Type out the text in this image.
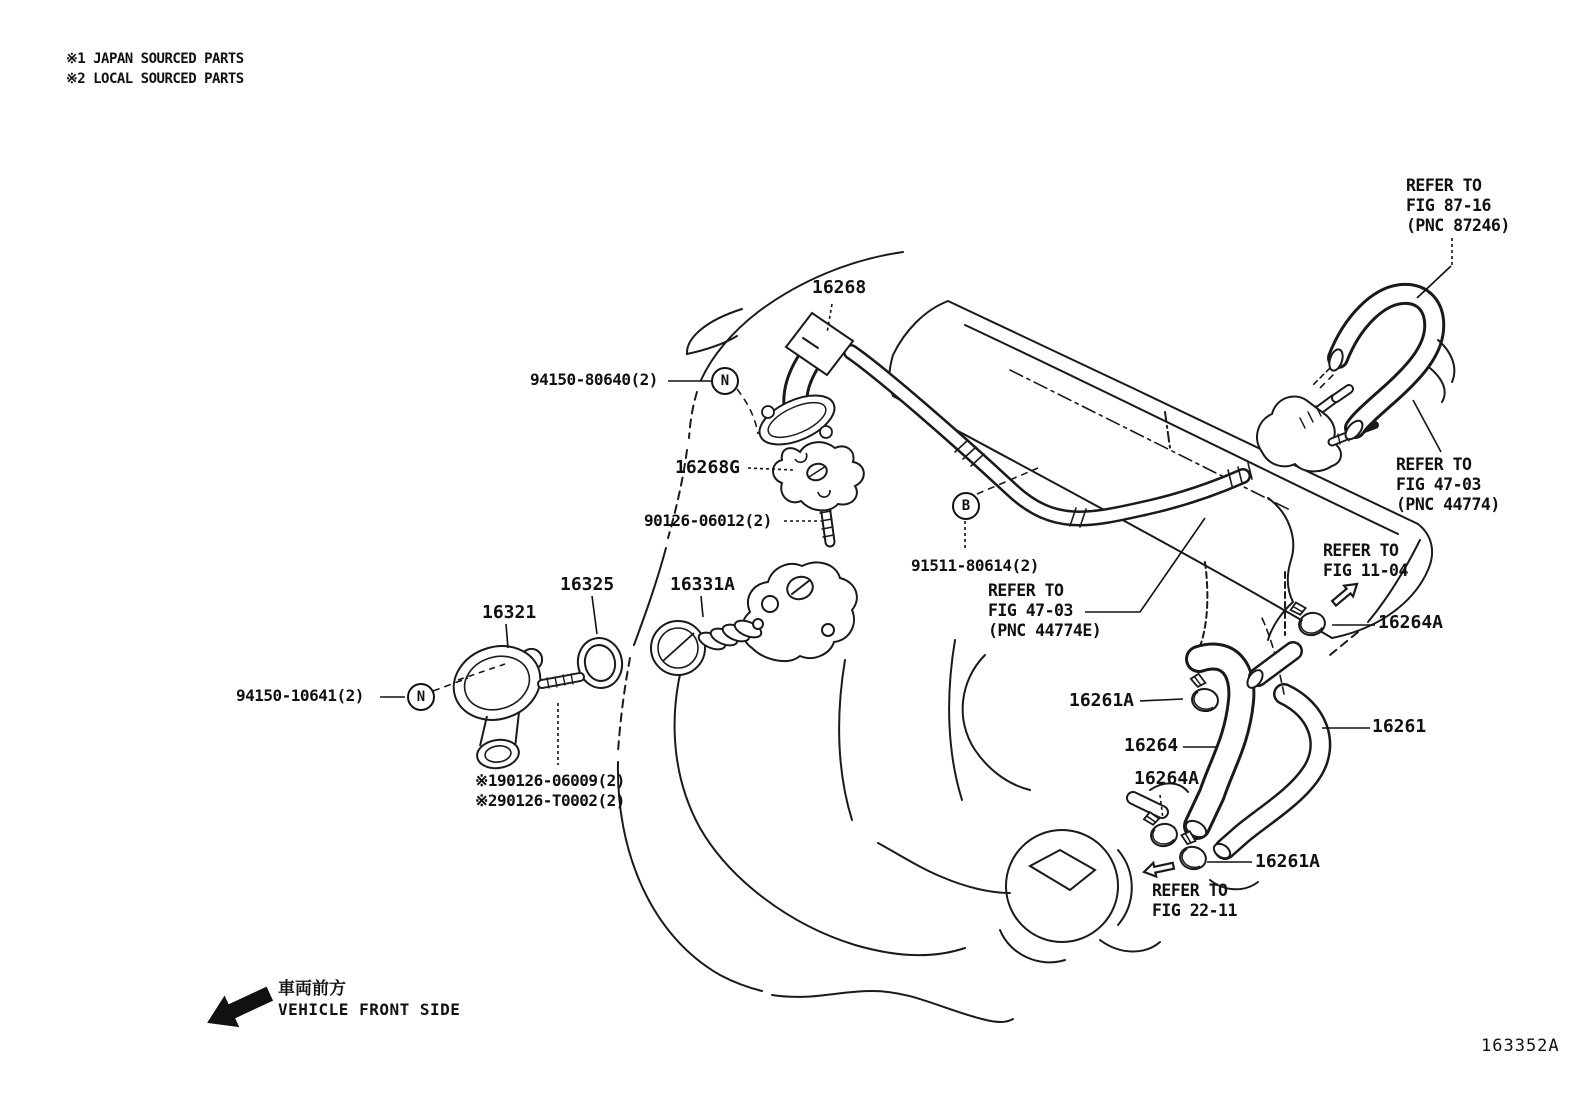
※1 JAPAN SOURCED PARTS
※2 LOCAL SOURCED PARTS
16268
94150-80640(2)
16268G
90126-06012(2)
91511-80614(2)
16325	16331A
16321
94150-10641(2)
※190126-06009(2)
※290126-T0002(2)
16264A
16261A
16264
16261
16264A
16261A
REFER TO
FIG 87-16
(PNC 87246)
REFER TO
FIG 47-03
(PNC 44774)
REFER TO
FIG 47-03
(PNC 44774E)
REFER TO
FIG 11-04
REFER TO
FIG 22-11
N
B
N
車両前方
VEHICLE FRONT SIDE
163352A
